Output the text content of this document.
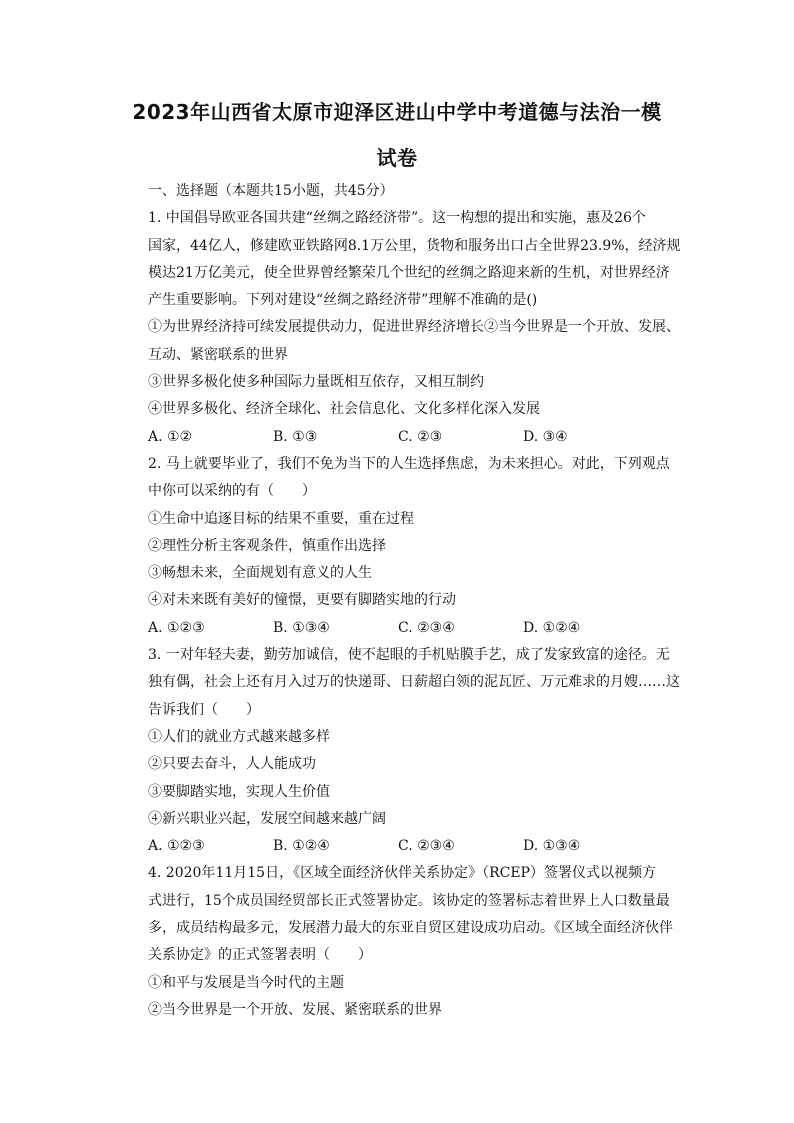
2023年山西省太原市迎泽区进山中学中考道德与法治一模
试卷
一、选择题（本题共15小题，共45分）
1. 中国倡导欧亚各国共建“丝绸之路经济带”。这一构想的提出和实施，惠及26个
国家，44亿人，修建欧亚铁路网8.1万公里，货物和服务出口占全世界23.9%，经济规
模达21万亿美元，使全世界曾经繁荣几个世纪的丝绸之路迎来新的生机，对世界经济
产生重要影响。下列对建设“丝绸之路经济带”理解不准确的是()
①为世界经济持可续发展提供动力，促进世界经济增长②当今世界是一个开放、发展、
互动、紧密联系的世界
③世界多极化使多种国际力量既相互依存，又相互制约
④世界多极化、经济全球化、社会信息化、文化多样化深入发展
A. ①②	B. ①③	C. ②③	D. ③④
2. 马上就要毕业了，我们不免为当下的人生选择焦虑，为未来担心。对此，下列观点
中你可以采纳的有（　　）
①生命中追逐目标的结果不重要，重在过程
②理性分析主客观条件，慎重作出选择
③畅想未来，全面规划有意义的人生
④对未来既有美好的憧憬，更要有脚踏实地的行动
A. ①②③	B. ①③④	C. ②③④	D. ①②④
3. 一对年轻夫妻，勤劳加诚信，使不起眼的手机贴膜手艺，成了发家致富的途径。无
独有偶，社会上还有月入过万的快递哥、日薪超白领的泥瓦匠、万元难求的月嫂……这
告诉我们（　　）
①人们的就业方式越来越多样
②只要去奋斗，人人能成功
③要脚踏实地，实现人生价值
④新兴职业兴起，发展空间越来越广阔
A. ①②③	B. ①②④	C. ②③④	D. ①③④
4. 2020年11月15日，《区域全面经济伙伴关系协定》（RCEP）签署仪式以视频方
式进行，15个成员国经贸部长正式签署协定。该协定的签署标志着世界上人口数量最
多，成员结构最多元，发展潜力最大的东亚自贸区建设成功启动。《区域全面经济伙伴
关系协定》的正式签署表明（　　）
①和平与发展是当今时代的主题
②当今世界是一个开放、发展、紧密联系的世界
